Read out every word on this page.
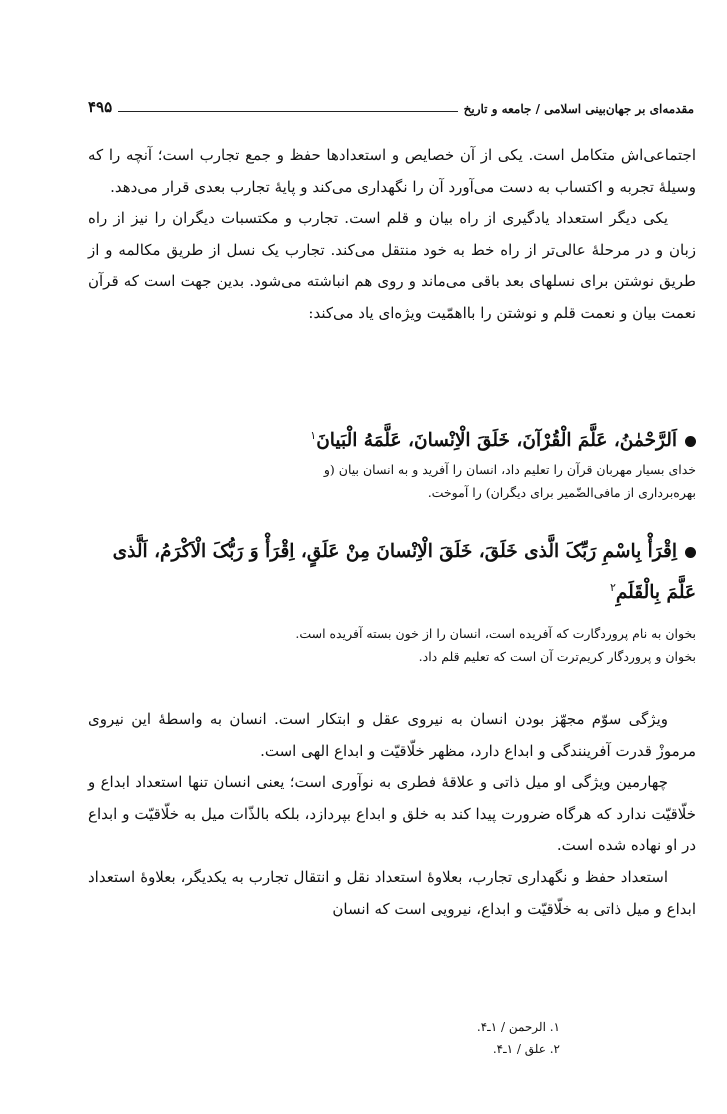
مقدمه‌ای بر جهان‌بینی اسلامی / جامعه و تاریخ
۴۹۵

اجتماعی‌اش متکامل است. یکی از آن خصایص و استعدادها حفظ و جمع تجارب است؛ آنچه را که وسیلهٔ تجربه و اکتساب به دست می‌آورد آن را نگهداری می‌کند و پایهٔ تجارب بعدی قرار می‌دهد.

یکی دیگر استعداد یادگیری از راه بیان و قلم است. تجارب و مکتسبات دیگران را نیز از راه زبان و در مرحلهٔ عالی‌تر از راه خط به خود منتقل می‌کند. تجارب یک نسل از طریق مکالمه و از طریق نوشتن برای نسلهای بعد باقی می‌ماند و روی هم انباشته می‌شود. بدین جهت است که قرآن نعمت بیان و نعمت قلم و نوشتن را بااهمّیت ویژه‌ای یاد می‌کند:

اَلرَّحْمٰنُ، عَلَّمَ الْقُرْآنَ، خَلَقَ الْاِنْسانَ، عَلَّمَهُ الْبَیانَ$^۱$

خدای بسیار مهربان قرآن را تعلیم داد، انسان را آفرید و به انسان بیان (و

بهره‌برداری از مافی‌الضّمیر برای دیگران) را آموخت.

اِقْرَأْ بِاسْمِ رَبِّکَ الَّذی خَلَقَ، خَلَقَ الْاِنْسانَ مِنْ عَلَقٍ، اِقْرَأْ وَ رَبُّکَ الْاَکْرَمُ، اَلَّذی عَلَّمَ بِالْقَلَمِ$^۲$

بخوان به نام پروردگارت که آفریده است، انسان را از خون بسته آفریده است.

بخوان و پروردگار کریم‌ترت آن است که تعلیم قلم داد.

ویژگی سوّم مجهّز بودن انسان به نیروی عقل و ابتکار است. انسان به واسطهٔ این نیروی مرموزْ قدرت آفرینندگی و ابداع دارد، مظهر خلّاقیّت و ابداع الهی است.

چهارمین ویژگی او میل ذاتی و علاقهٔ فطری به نوآوری است؛ یعنی انسان تنها استعداد ابداع و خلّاقیّت ندارد که هرگاه ضرورت پیدا کند به خلق و ابداع بپردازد، بلکه بالذّات میل به خلّاقیّت و ابداع در او نهاده شده است.

استعداد حفظ و نگهداری تجارب، بعلاوهٔ استعداد نقل و انتقال تجارب به یکدیگر، بعلاوهٔ استعداد ابداع و میل ذاتی به خلّاقیّت و ابداع، نیرویی است که انسان

۱. الرحمن / ۱ـ۴.

۲. علق / ۱ـ۴.
